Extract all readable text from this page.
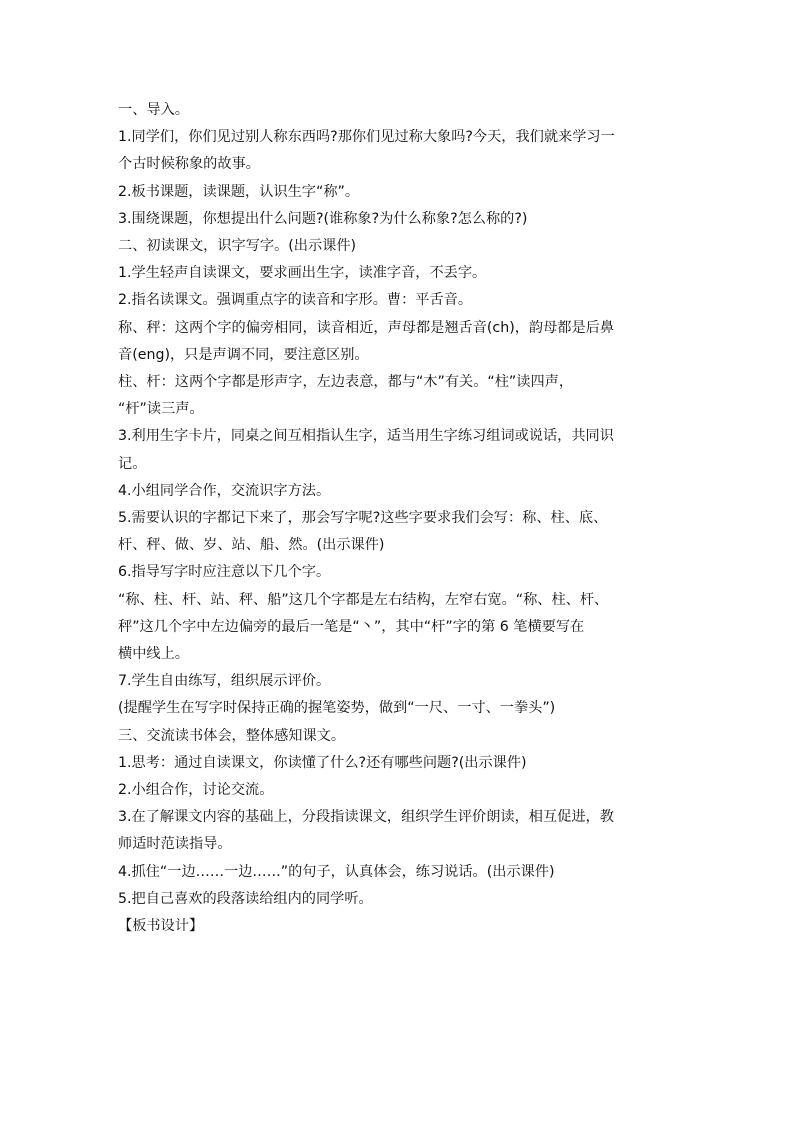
一、导入。

1.同学们，你们见过别人称东西吗?那你们见过称大象吗?今天，我们就来学习一

个古时候称象的故事。

2.板书课题，读课题，认识生字“称”。

3.围绕课题，你想提出什么问题?(谁称象?为什么称象?怎么称的?)

二、初读课文，识字写字。(出示课件)

1.学生轻声自读课文，要求画出生字，读准字音，不丢字。

2.指名读课文。强调重点字的读音和字形。曹：平舌音。

称、秤：这两个字的偏旁相同，读音相近，声母都是翘舌音(ch)，韵母都是后鼻

音(eng)，只是声调不同，要注意区别。

柱、杆：这两个字都是形声字，左边表意，都与“木”有关。“柱”读四声，

“杆”读三声。

3.利用生字卡片，同桌之间互相指认生字，适当用生字练习组词或说话，共同识

记。

4.小组同学合作，交流识字方法。

5.需要认识的字都记下来了，那会写字呢?这些字要求我们会写：称、柱、底、

杆、秤、做、岁、站、船、然。(出示课件)

6.指导写字时应注意以下几个字。

“称、柱、杆、站、秤、船”这几个字都是左右结构，左窄右宽。“称、柱、杆、

秤”这几个字中左边偏旁的最后一笔是“丶”，其中“杆”字的第 6 笔横要写在

横中线上。

7.学生自由练写，组织展示评价。

(提醒学生在写字时保持正确的握笔姿势，做到“一尺、一寸、一拳头”)

三、交流读书体会，整体感知课文。

1.思考：通过自读课文，你读懂了什么?还有哪些问题?(出示课件)

2.小组合作，讨论交流。

3.在了解课文内容的基础上，分段指读课文，组织学生评价朗读，相互促进，教

师适时范读指导。

4.抓住“一边……一边……”的句子，认真体会，练习说话。(出示课件)

5.把自己喜欢的段落读给组内的同学听。

【板书设计】
